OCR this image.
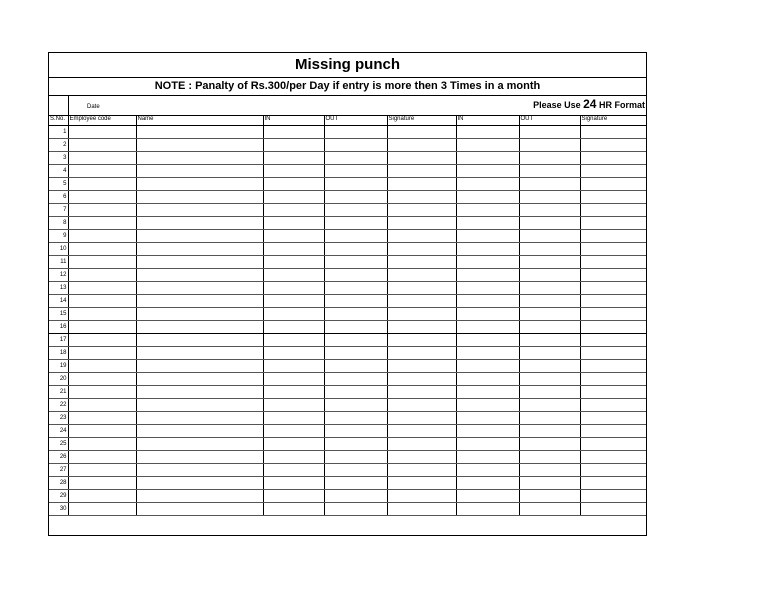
Missing punch
NOTE : Panalty of Rs.300/per Day if entry is more then 3 Times in a month
Date	Please Use 24 HR Format
S.No.	Employee code	Name	IN	OUT	Signature	IN	OUT	Signature
1								
2								
3								
4								
5								
6								
7								
8								
9								
10								
11								
12								
13								
14								
15								
16								
17								
18								
19								
20								
21								
22								
23								
24								
25								
26								
27								
28								
29								
30								
